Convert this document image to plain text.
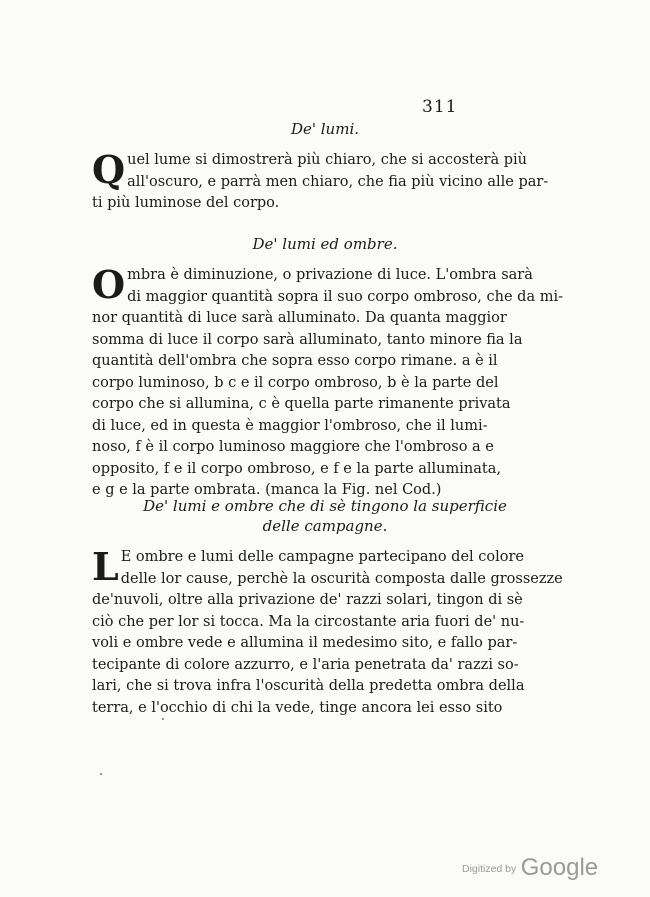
311
De' lumi.
Q uel lume si dimostrerà più chiaro, che si accosterà più
all'oscuro, e parrà men chiaro, che fia più vicino alle par-
ti più luminose del corpo.
De' lumi ed ombre.
O mbra è diminuzione, o privazione di luce. L'ombra sarà
di maggior quantità sopra il suo corpo ombroso, che da mi-
nor quantità di luce sarà alluminato. Da quanta maggior
somma di luce il corpo sarà alluminato, tanto minore fia la
quantità dell'ombra che sopra esso corpo rimane. a è il
corpo luminoso, b c e il corpo ombroso, b è la parte del
corpo che si allumina, c è quella parte rimanente privata
di luce, ed in questa è maggior l'ombroso, che il lumi-
noso, f è il corpo luminoso maggiore che l'ombroso a e
opposito, f e il corpo ombroso, e f e la parte alluminata,
e g e la parte ombrata. (manca la Fig. nel Cod.)
De' lumi e ombre che di sè tingono la superficie
delle campagne.
L E ombre e lumi delle campagne partecipano del colore
delle lor cause, perchè la oscurità composta dalle grossezze
de'nuvoli, oltre alla privazione de' razzi solari, tingon di sè
ciò che per lor si tocca. Ma la circostante aria fuori de' nu-
voli e ombre vede e allumina il medesimo sito, e fallo par-
tecipante di colore azzurro, e l'aria penetrata da' razzi so-
lari, che si trova infra l'oscurità della predetta ombra della
terra, e l'occhio di chi la vede, tinge ancora lei esso sito
Digitized by Google
